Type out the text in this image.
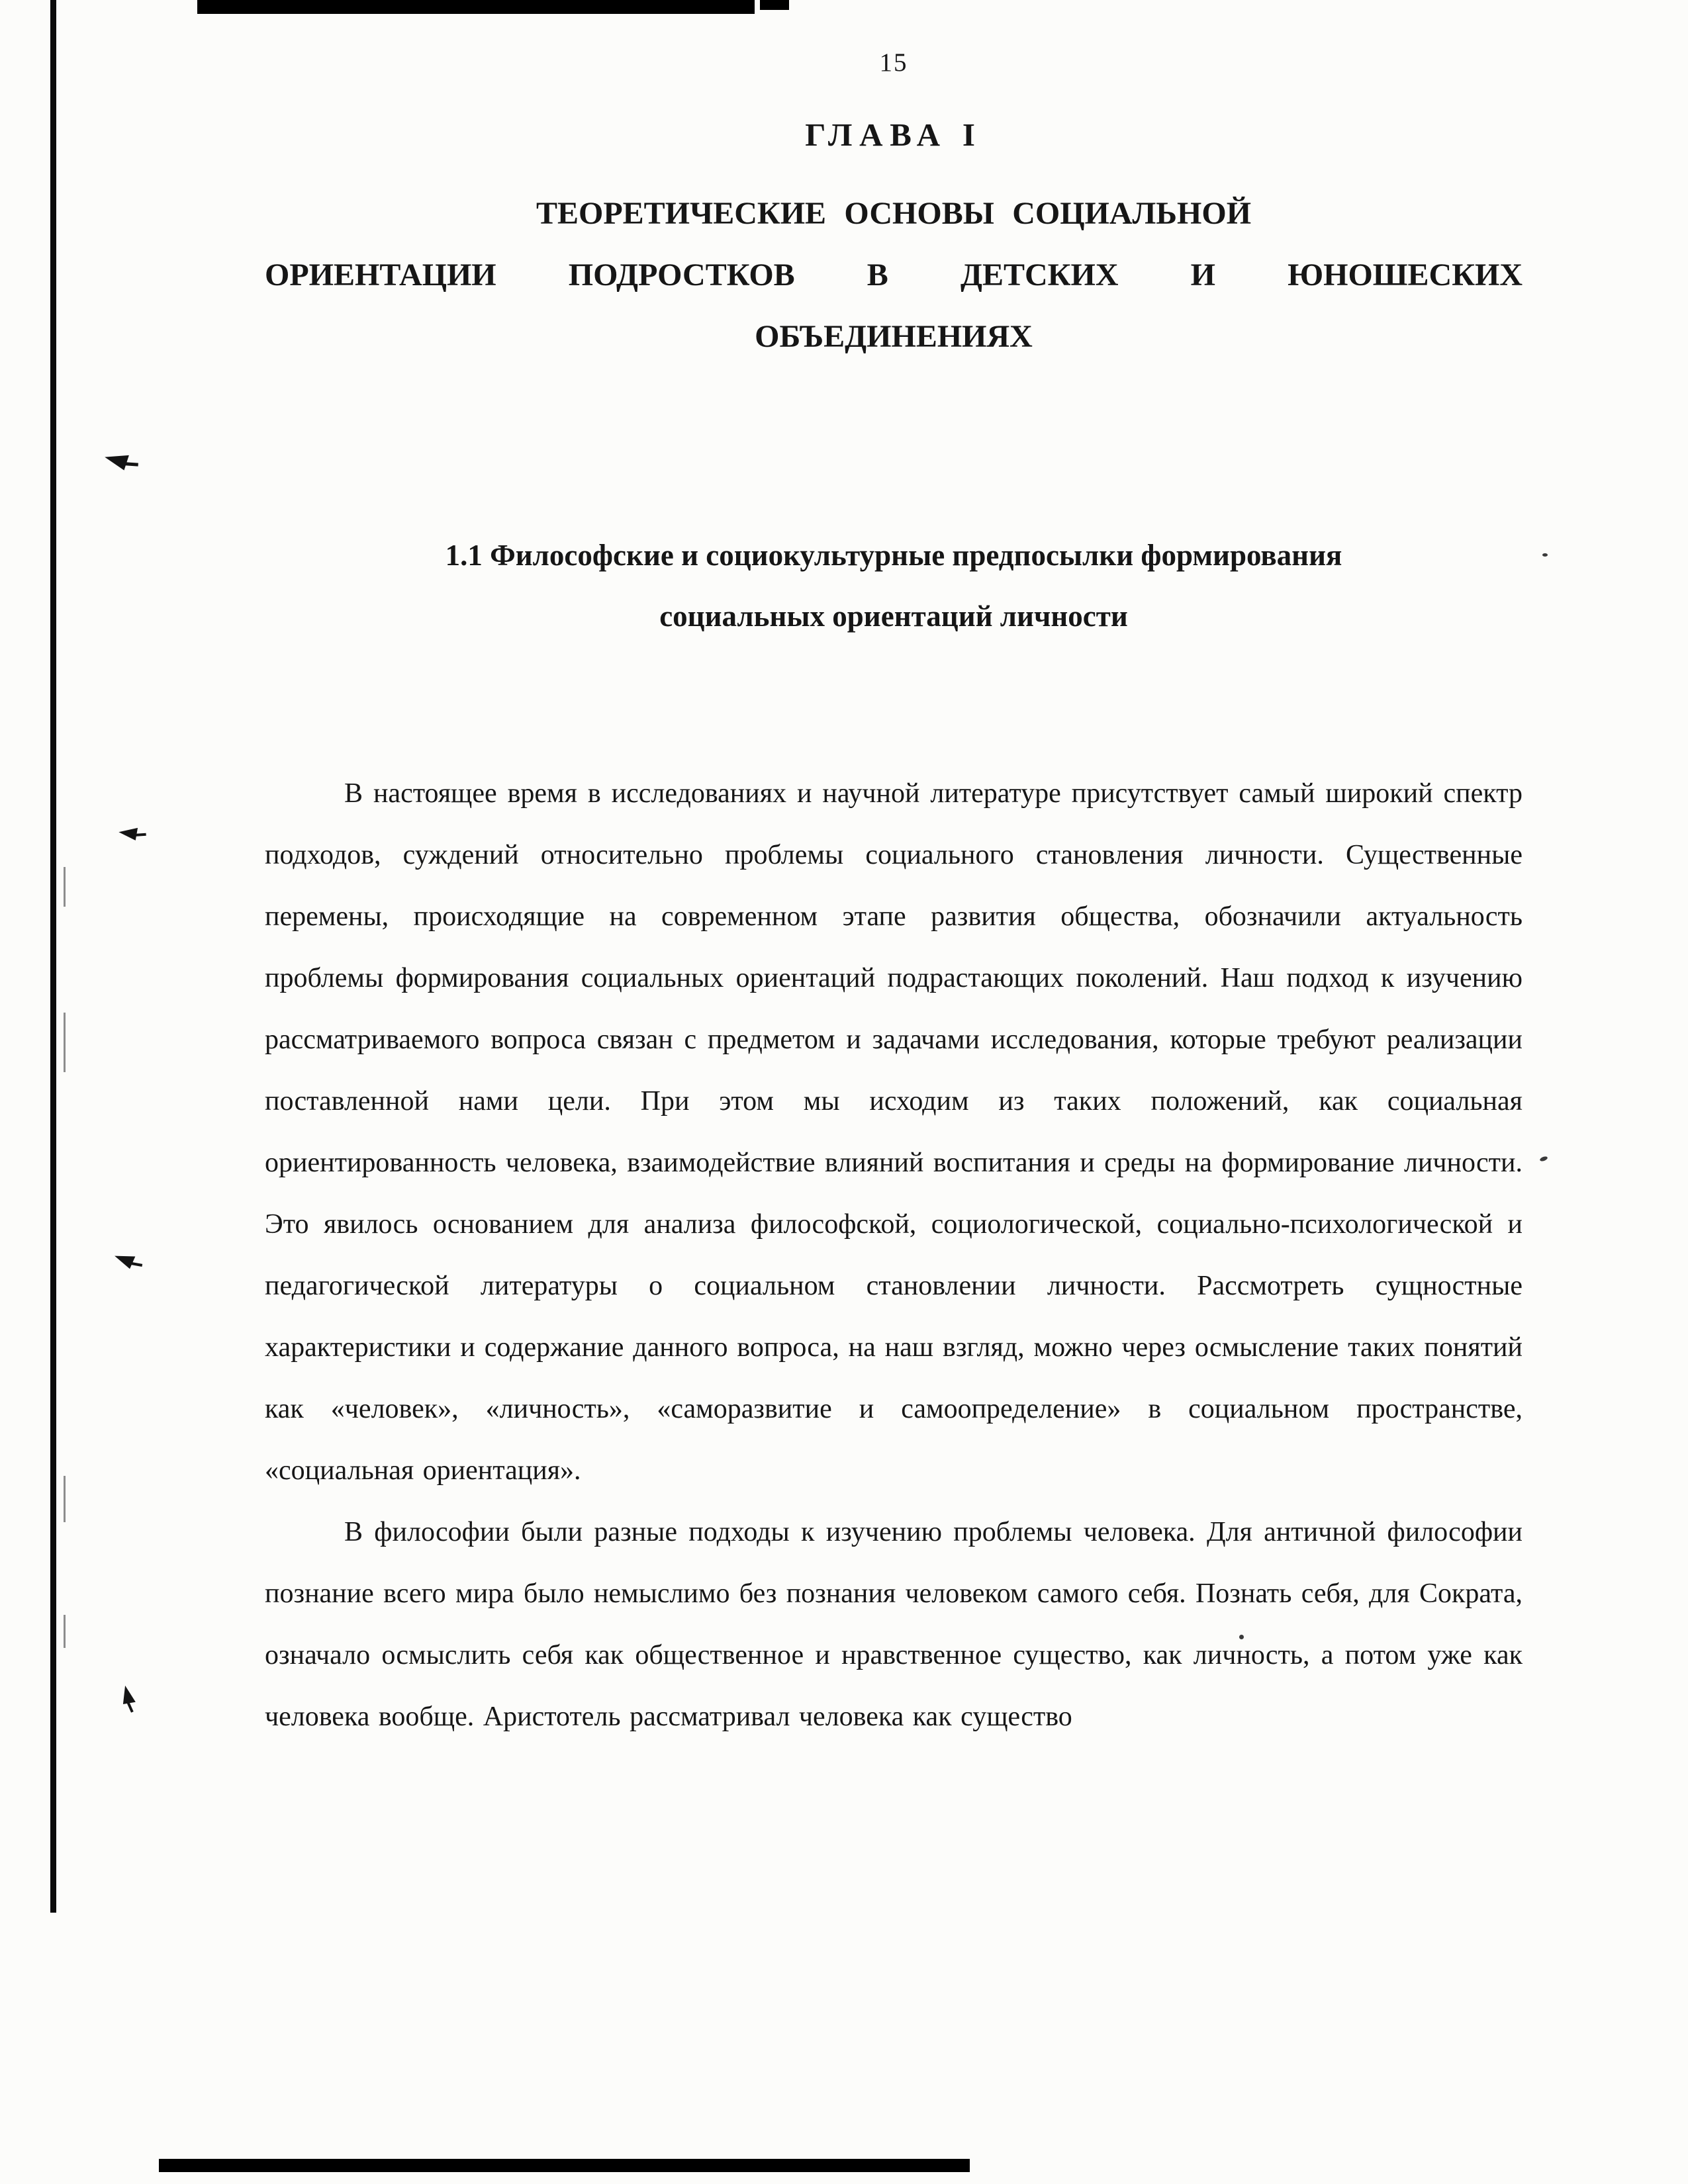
15
ГЛАВА I
ТЕОРЕТИЧЕСКИЕ ОСНОВЫ СОЦИАЛЬНОЙ
ОРИЕНТАЦИИ ПОДРОСТКОВ В ДЕТСКИХ И ЮНОШЕСКИХ
ОБЪЕДИНЕНИЯХ
1.1 Философские и социокультурные предпосылки формирования
социальных ориентаций личности

В настоящее время в исследованиях и научной литературе присутствует самый широкий спектр подходов, суждений относительно проблемы социального становления личности. Существенные перемены, происходящие на современном этапе развития общества, обозначили актуальность проблемы формирования социальных ориентаций подрастающих поколений. Наш подход к изучению рассматриваемого вопроса связан с предметом и задачами исследования, которые требуют реализации поставленной нами цели. При этом мы исходим из таких положений, как социальная ориентированность человека, взаимодействие влияний воспитания и среды на формирование личности. Это явилось основанием для анализа философской, социологической, социально-психологической и педагогической литературы о социальном становлении личности. Рассмотреть сущностные характеристики и содержание данного вопроса, на наш взгляд, можно через осмысление таких понятий как «человек», «личность», «саморазвитие и самоопределение» в социальном пространстве, «социальная ориентация».

В философии были разные подходы к изучению проблемы человека. Для античной философии познание всего мира было немыслимо без познания человеком самого себя. Познать себя, для Сократа, означало осмыслить себя как общественное и нравственное существо, как личность, а потом уже как человека вообще. Аристотель рассматривал человека как существо
